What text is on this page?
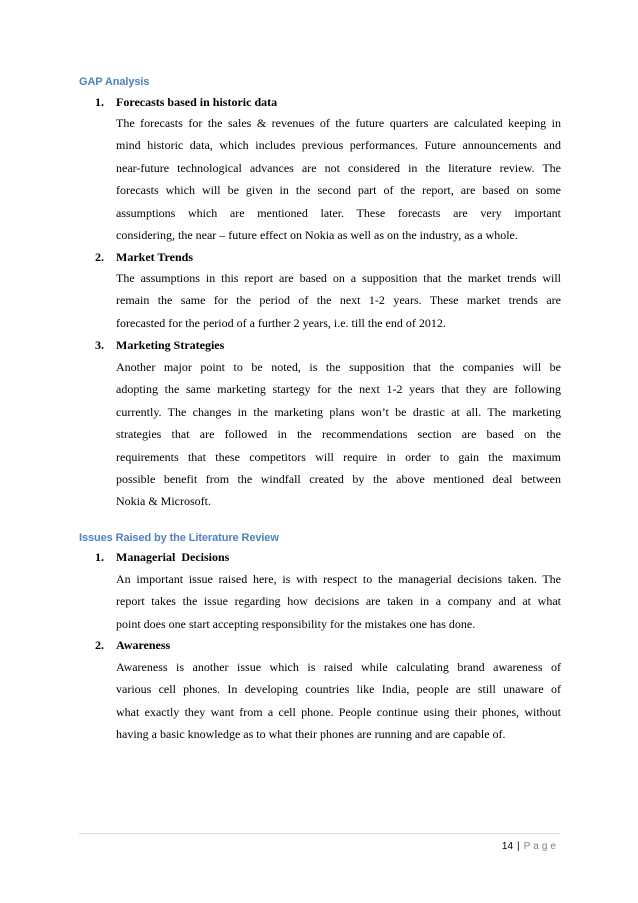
GAP Analysis
1. Forecasts based in historic data
The forecasts for the sales & revenues of the future quarters are calculated keeping in
mind historic data, which includes previous performances. Future announcements and
near-future technological advances are not considered in the literature review. The
forecasts which will be given in the second part of the report, are based on some
assumptions which are mentioned later. These forecasts are very important
considering, the near – future effect on Nokia as well as on the industry, as a whole.
2. Market Trends
The assumptions in this report are based on a supposition that the market trends will
remain the same for the period of the next 1-2 years. These market trends are
forecasted for the period of a further 2 years, i.e. till the end of 2012.
3. Marketing Strategies
Another major point to be noted, is the supposition that the companies will be
adopting the same marketing startegy for the next 1-2 years that they are following
currently. The changes in the marketing plans won’t be drastic at all. The marketing
strategies that are followed in the recommendations section are based on the
requirements that these competitors will require in order to gain the maximum
possible benefit from the windfall created by the above mentioned deal between
Nokia & Microsoft.
Issues Raised by the Literature Review
1. Managerial  Decisions
An important issue raised here, is with respect to the managerial decisions taken. The
report takes the issue regarding how decisions are taken in a company and at what
point does one start accepting responsibility for the mistakes one has done.
2. Awareness
Awareness is another issue which is raised while calculating brand awareness of
various cell phones. In developing countries like India, people are still unaware of
what exactly they want from a cell phone. People continue using their phones, without
having a basic knowledge as to what their phones are running and are capable of.
14 | Page
